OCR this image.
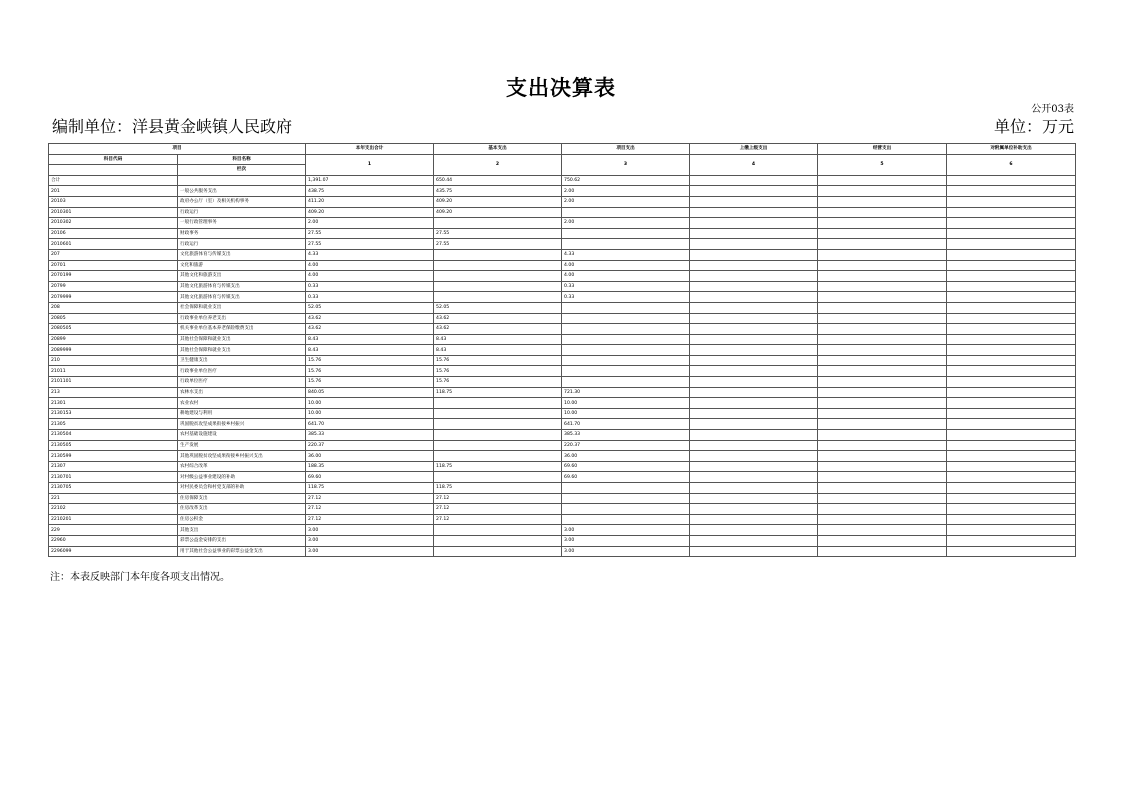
支出决算表
公开03表
编制单位：洋县黄金峡镇人民政府	单位：万元
项目		本年支出合计	基本支出	项目支出	上缴上级支出	经营支出	对附属单位补助支出
科目代码	科目名称	1	2	3	4	5	6
	栏次						
合计		1,391.07	650.44	750.62			
201	一般公共服务支出	438.75	435.75	2.00			
20103	政府办公厅（室）及相关机构事务	411.20	409.20	2.00			
2010301	行政运行	409.20	409.20				
2010302	一般行政管理事务	2.00		2.00			
20106	财政事务	27.55	27.55				
2010601	行政运行	27.55	27.55				
207	文化旅游体育与传媒支出	4.33		4.33			
20701	文化和旅游	4.00		4.00			
2070199	其他文化和旅游支出	4.00		4.00			
20799	其他文化旅游体育与传媒支出	0.33		0.33			
2079999	其他文化旅游体育与传媒支出	0.33		0.33			
208	社会保障和就业支出	52.05	52.05				
20805	行政事业单位养老支出	43.62	43.62				
2080505	机关事业单位基本养老保险缴费支出	43.62	43.62				
20899	其他社会保障和就业支出	8.43	8.43				
2089999	其他社会保障和就业支出	8.43	8.43				
210	卫生健康支出	15.76	15.76				
21011	行政事业单位医疗	15.76	15.76				
2101101	行政单位医疗	15.76	15.76				
213	农林水支出	840.05	118.75	721.30			
21301	农业农村	10.00		10.00			
2130153	耕地建设与利用	10.00		10.00			
21305	巩固脱贫攻坚成果衔接乡村振兴	641.70		641.70			
2130504	农村基础设施建设	385.33		385.33			
2130505	生产发展	220.37		220.37			
2130599	其他巩固脱贫攻坚成果衔接乡村振兴支出	36.00		36.00			
21307	农村综合改革	188.35	118.75	69.60			
2130701	对村级公益事业建设的补助	69.60		69.60			
2130705	对村民委员会和村党支部的补助	118.75	118.75				
221	住房保障支出	27.12	27.12				
22102	住房改革支出	27.12	27.12				
2210201	住房公积金	27.12	27.12				
229	其他支出	3.00		3.00			
22960	彩票公益金安排的支出	3.00		3.00			
2296099	用于其他社会公益事业的彩票公益金支出	3.00		3.00			
注：本表反映部门本年度各项支出情况。
